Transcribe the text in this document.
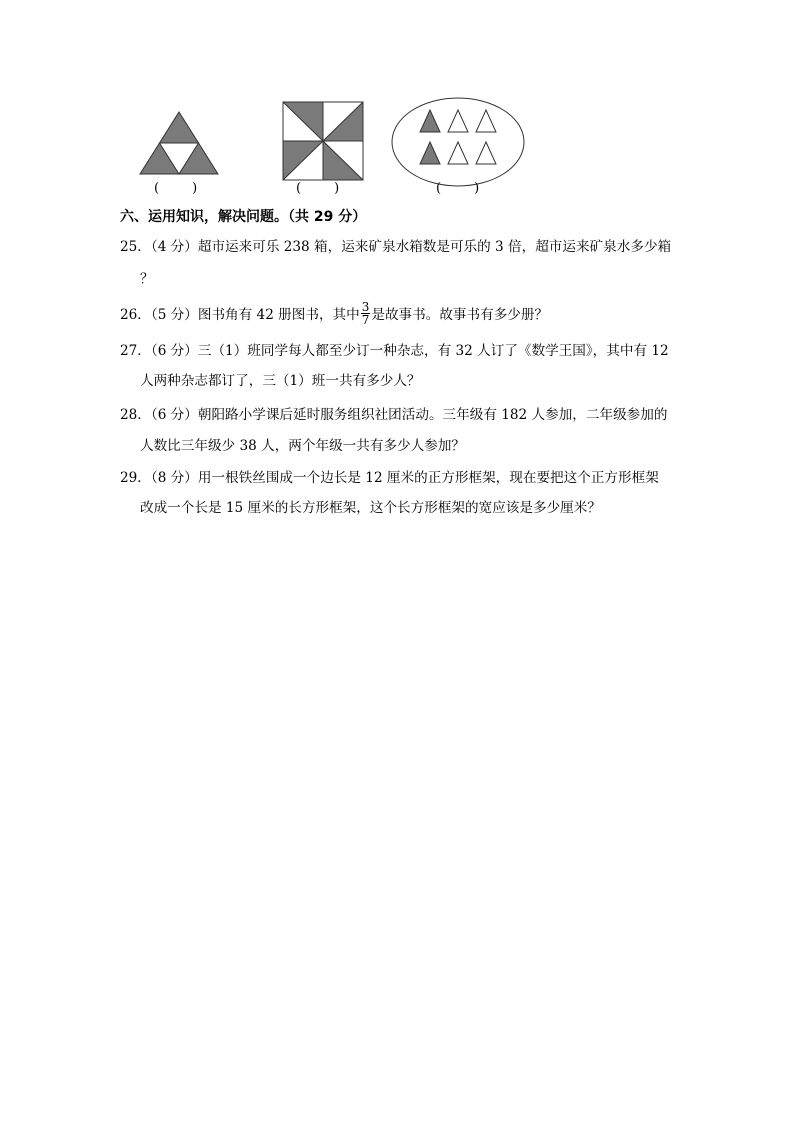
(        )	(        )	(        )
六、运用知识，解决问题。（共 29 分）
25．（4 分）超市运来可乐 238 箱，运来矿泉水箱数是可乐的 3 倍，超市运来矿泉水多少箱
？
26．（5 分）图书角有 42 册图书，其中 $\frac{3}{7}$ 是故事书。故事书有多少册？
27．（6 分）三（1）班同学每人都至少订一种杂志，有 32 人订了《数学王国》，其中有 12
人两种杂志都订了，三（1）班一共有多少人？
28．（6 分）朝阳路小学课后延时服务组织社团活动。三年级有 182 人参加，二年级参加的
人数比三年级少 38 人，两个年级一共有多少人参加？
29．（8 分）用一根铁丝围成一个边长是 12 厘米的正方形框架，现在要把这个正方形框架
改成一个长是 15 厘米的长方形框架，这个长方形框架的宽应该是多少厘米？
